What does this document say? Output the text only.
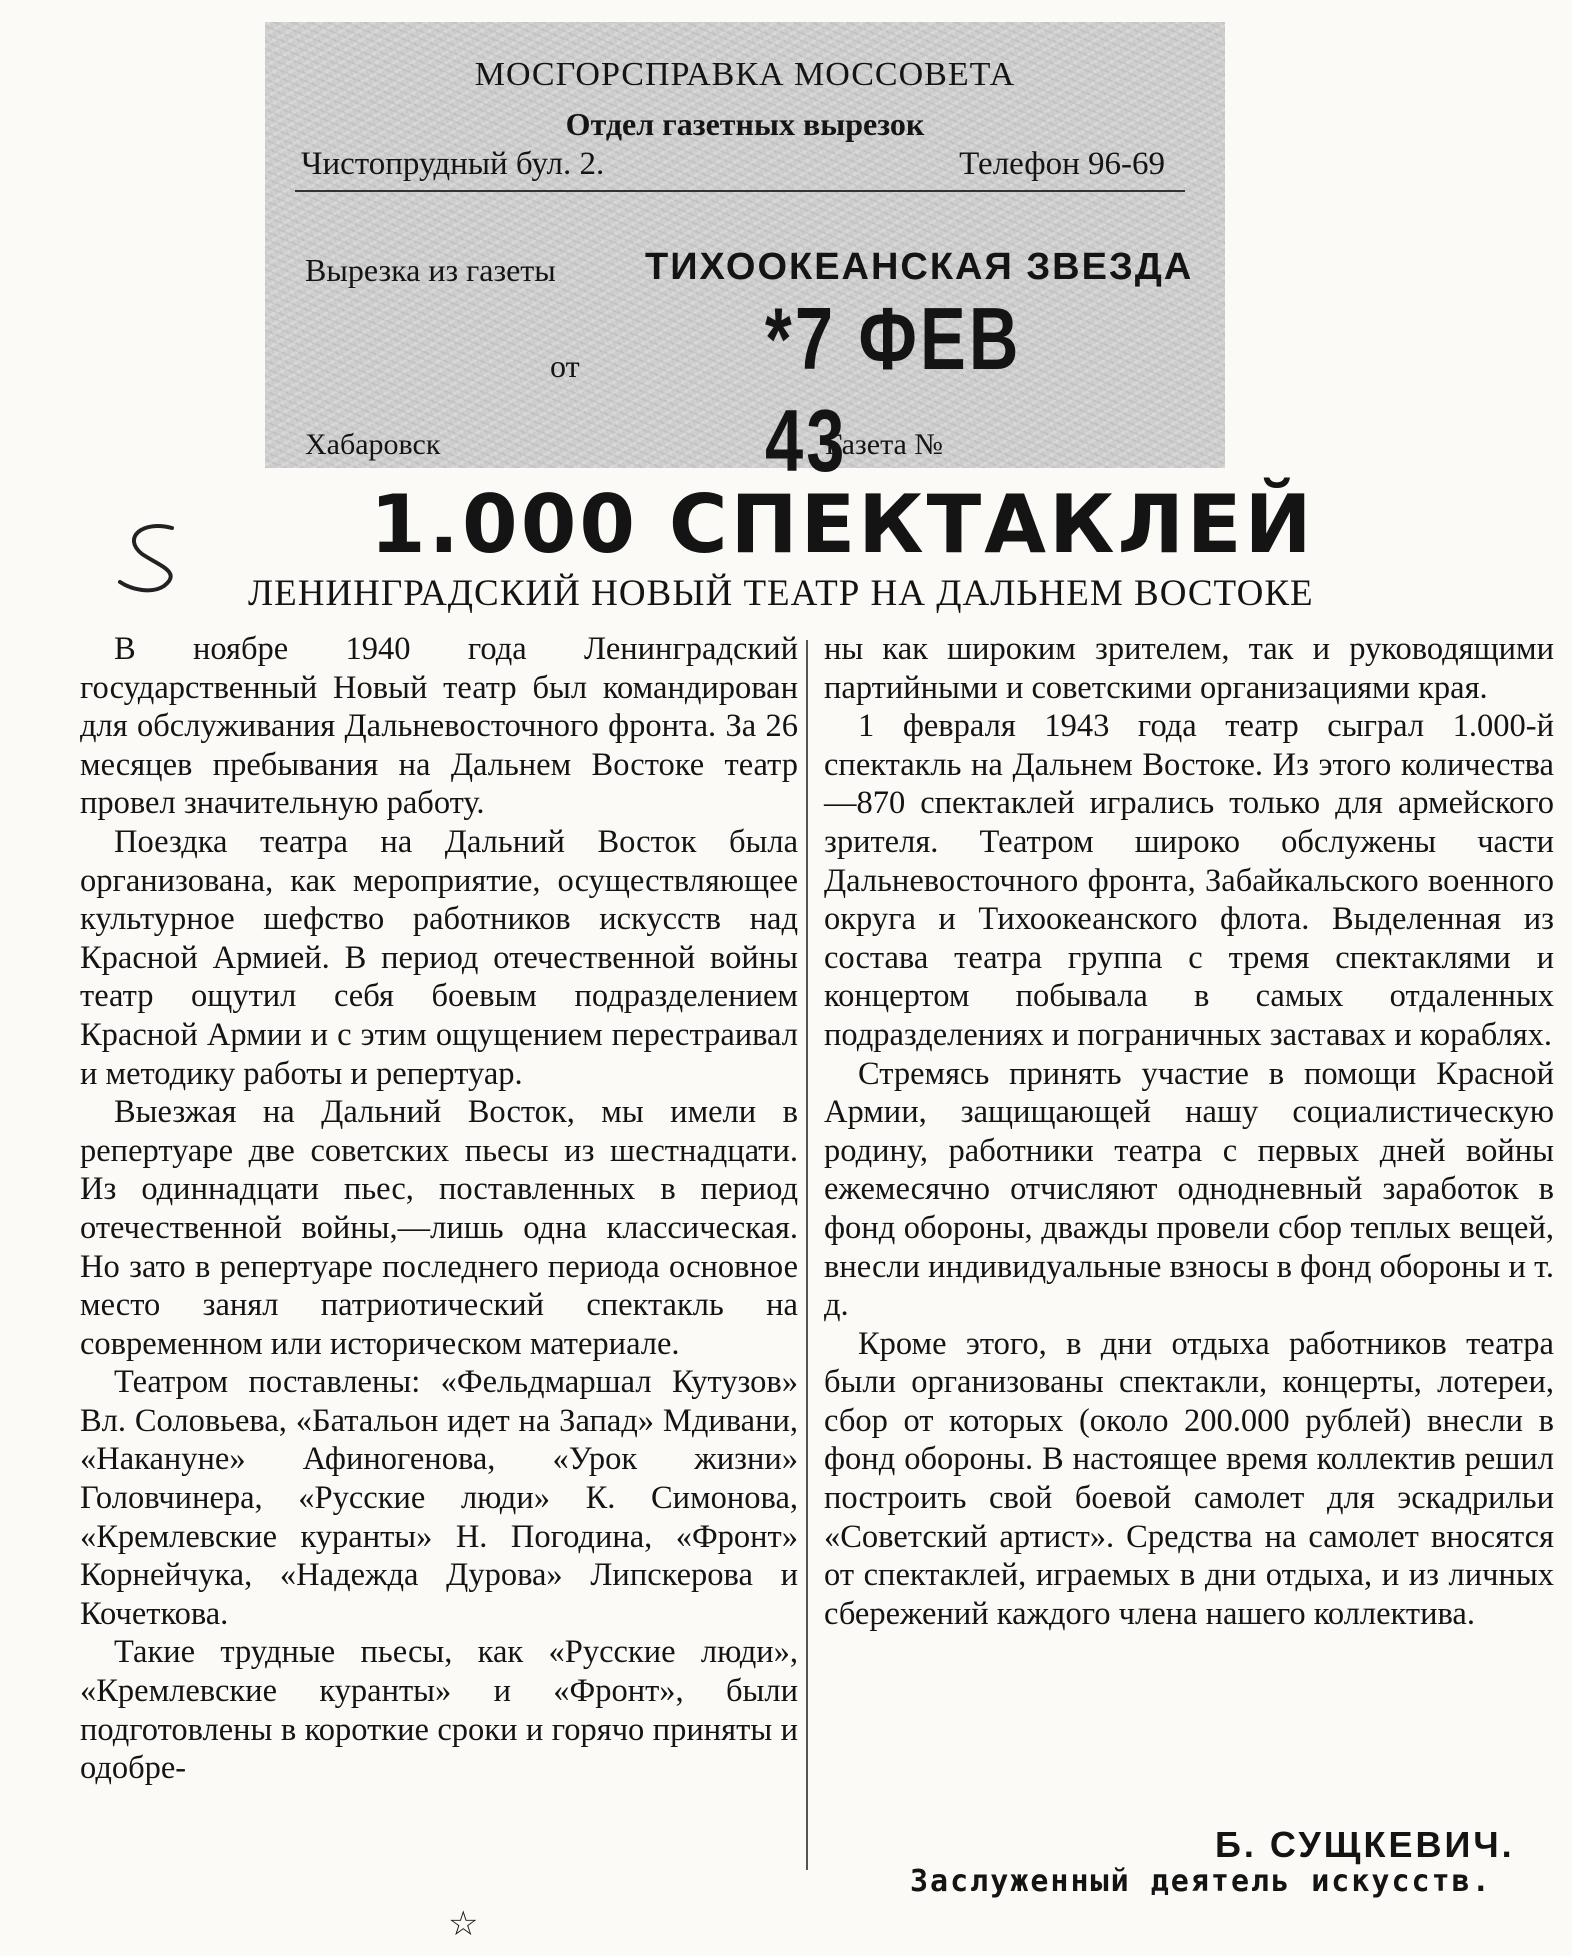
МОСГОРСПРАВКА МОССОВЕТА
Отдел газетных вырезок
Чистопрудный бул. 2.	Телефон 96-69
Вырезка из газеты ТИХООКЕАНСКАЯ ЗВЕЗДА
от *7 ФЕВ 43
Хабаровск	Газета №
1.000 СПЕКТАКЛЕЙ
ЛЕНИНГРАДСКИЙ НОВЫЙ ТЕАТР НА ДАЛЬНЕМ ВОСТОКЕ

В ноябре 1940 года Ленинградский государственный Новый театр был командирован для обслуживания Дальневосточного фронта. За 26 месяцев пребывания на Дальнем Востоке театр провел значительную работу.

Поездка театра на Дальний Восток была организована, как мероприятие, осуществляющее культурное шефство работников искусств над Красной Армией. В период отечественной войны театр ощутил себя боевым подразделением Красной Армии и с этим ощущением перестраивал и методику работы и репертуар.

Выезжая на Дальний Восток, мы имели в репертуаре две советских пьесы из шестнадцати. Из одиннадцати пьес, поставленных в период отечественной войны,—лишь одна классическая. Но зато в репертуаре последнего периода основное место занял патриотический спектакль на современном или историческом материале.

Театром поставлены: «Фельдмаршал Кутузов» Вл. Соловьева, «Батальон идет на Запад» Мдивани, «Накануне» Афиногенова, «Урок жизни» Головчинера, «Русские люди» К. Симонова, «Кремлевские куранты» Н. Погодина, «Фронт» Корнейчука, «Надежда Дурова» Липскерова и Кочеткова.

Такие трудные пьесы, как «Русские люди», «Кремлевские куранты» и «Фронт», были подготовлены в короткие сроки и горячо приняты и одобре-

ны как широким зрителем, так и руководящими партийными и советскими организациями края.

1 февраля 1943 года театр сыграл 1.000-й спектакль на Дальнем Востоке. Из этого количества—870 спектаклей игрались только для армейского зрителя. Театром широко обслужены части Дальневосточного фронта, Забайкальского военного округа и Тихоокеанского флота. Выделенная из состава театра группа с тремя спектаклями и концертом побывала в самых отдаленных подразделениях и пограничных заставах и кораблях.

Стремясь принять участие в помощи Красной Армии, защищающей нашу социалистическую родину, работники театра с первых дней войны ежемесячно отчисляют однодневный заработок в фонд обороны, дважды провели сбор теплых вещей, внесли индивидуальные взносы в фонд обороны и т. д.

Кроме этого, в дни отдыха работников театра были организованы спектакли, концерты, лотереи, сбор от которых (около 200.000 рублей) внесли в фонд обороны. В настоящее время коллектив решил построить свой боевой самолет для эскадрильи «Советский артист». Средства на самолет вносятся от спектаклей, играемых в дни отдыха, и из личных сбережений каждого члена нашего коллектива.

Б. СУЩКЕВИЧ.
Заслуженный деятель искусств.
☆
